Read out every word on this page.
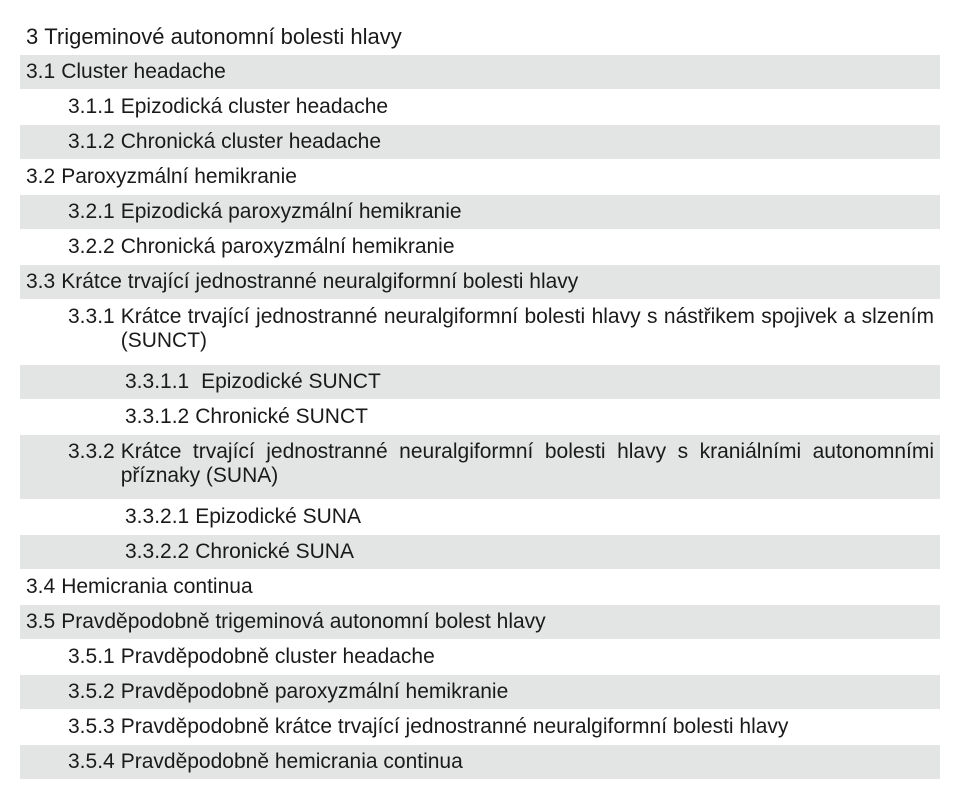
3 Trigeminové autonomní bolesti hlavy
3.1 Cluster headache
3.1.1 Epizodická cluster headache
3.1.2 Chronická cluster headache
3.2 Paroxyzmální hemikranie
3.2.1 Epizodická paroxyzmální hemikranie
3.2.2 Chronická paroxyzmální hemikranie
3.3 Krátce trvající jednostranné neuralgiformní bolesti hlavy
3.3.1 Krátce trvající jednostranné neuralgiformní bolesti hlavy s nástřikem spojivek a slzením (SUNCT)
3.3.1.1 Epizodické SUNCT
3.3.1.2 Chronické SUNCT
3.3.2 Krátce trvající jednostranné neuralgiformní bolesti hlavy s kraniálními autonomními příznaky (SUNA)
3.3.2.1 Epizodické SUNA
3.3.2.2 Chronické SUNA
3.4 Hemicrania continua
3.5 Pravděpodobně trigeminová autonomní bolest hlavy
3.5.1 Pravděpodobně cluster headache
3.5.2 Pravděpodobně paroxyzmální hemikranie
3.5.3 Pravděpodobně krátce trvající jednostranné neuralgiformní bolesti hlavy
3.5.4 Pravděpodobně hemicrania continua
